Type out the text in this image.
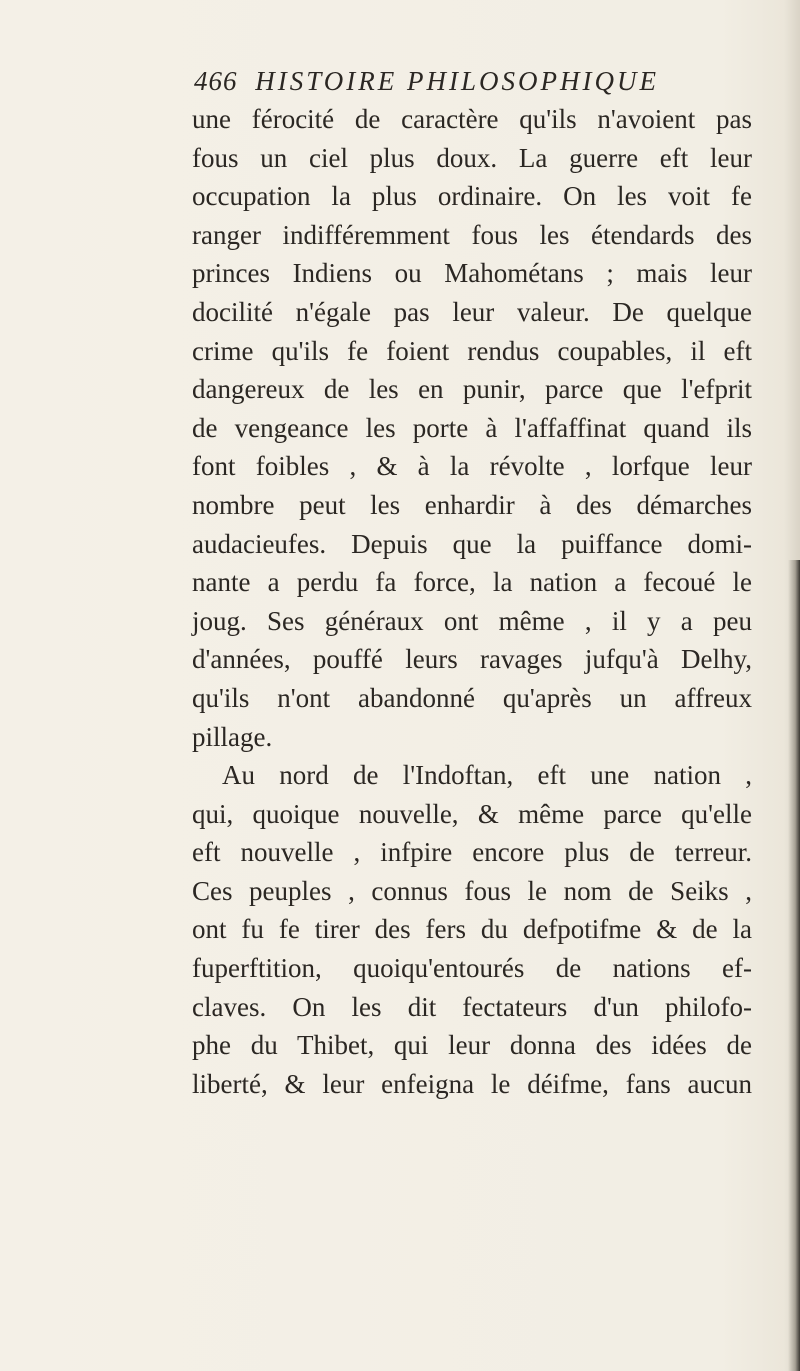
466 HISTOIRE PHILOSOPHIQUE
une férocité de caractère qu'ils n'avoient pas
fous un ciel plus doux. La guerre eft leur
occupation la plus ordinaire. On les voit fe
ranger indifféremment fous les étendards des
princes Indiens ou Mahométans ; mais leur
docilité n'égale pas leur valeur. De quelque
crime qu'ils fe foient rendus coupables, il eft
dangereux de les en punir, parce que l'efprit
de vengeance les porte à l'affaffinat quand ils
font foibles , & à la révolte , lorfque leur
nombre peut les enhardir à des démarches
audacieufes. Depuis que la puiffance domi-
nante a perdu fa force, la nation a fecoué le
joug. Ses généraux ont même , il y a peu
d'années, pouffé leurs ravages jufqu'à Delhy,
qu'ils n'ont abandonné qu'après un affreux
pillage.
Au nord de l'Indoftan, eft une nation ,
qui, quoique nouvelle, & même parce qu'elle
eft nouvelle , infpire encore plus de terreur.
Ces peuples , connus fous le nom de Seiks ,
ont fu fe tirer des fers du defpotifme & de la
fuperftition, quoiqu'entourés de nations ef-
claves. On les dit fectateurs d'un philofo-
phe du Thibet, qui leur donna des idées de
liberté, & leur enfeigna le déifme, fans aucun
